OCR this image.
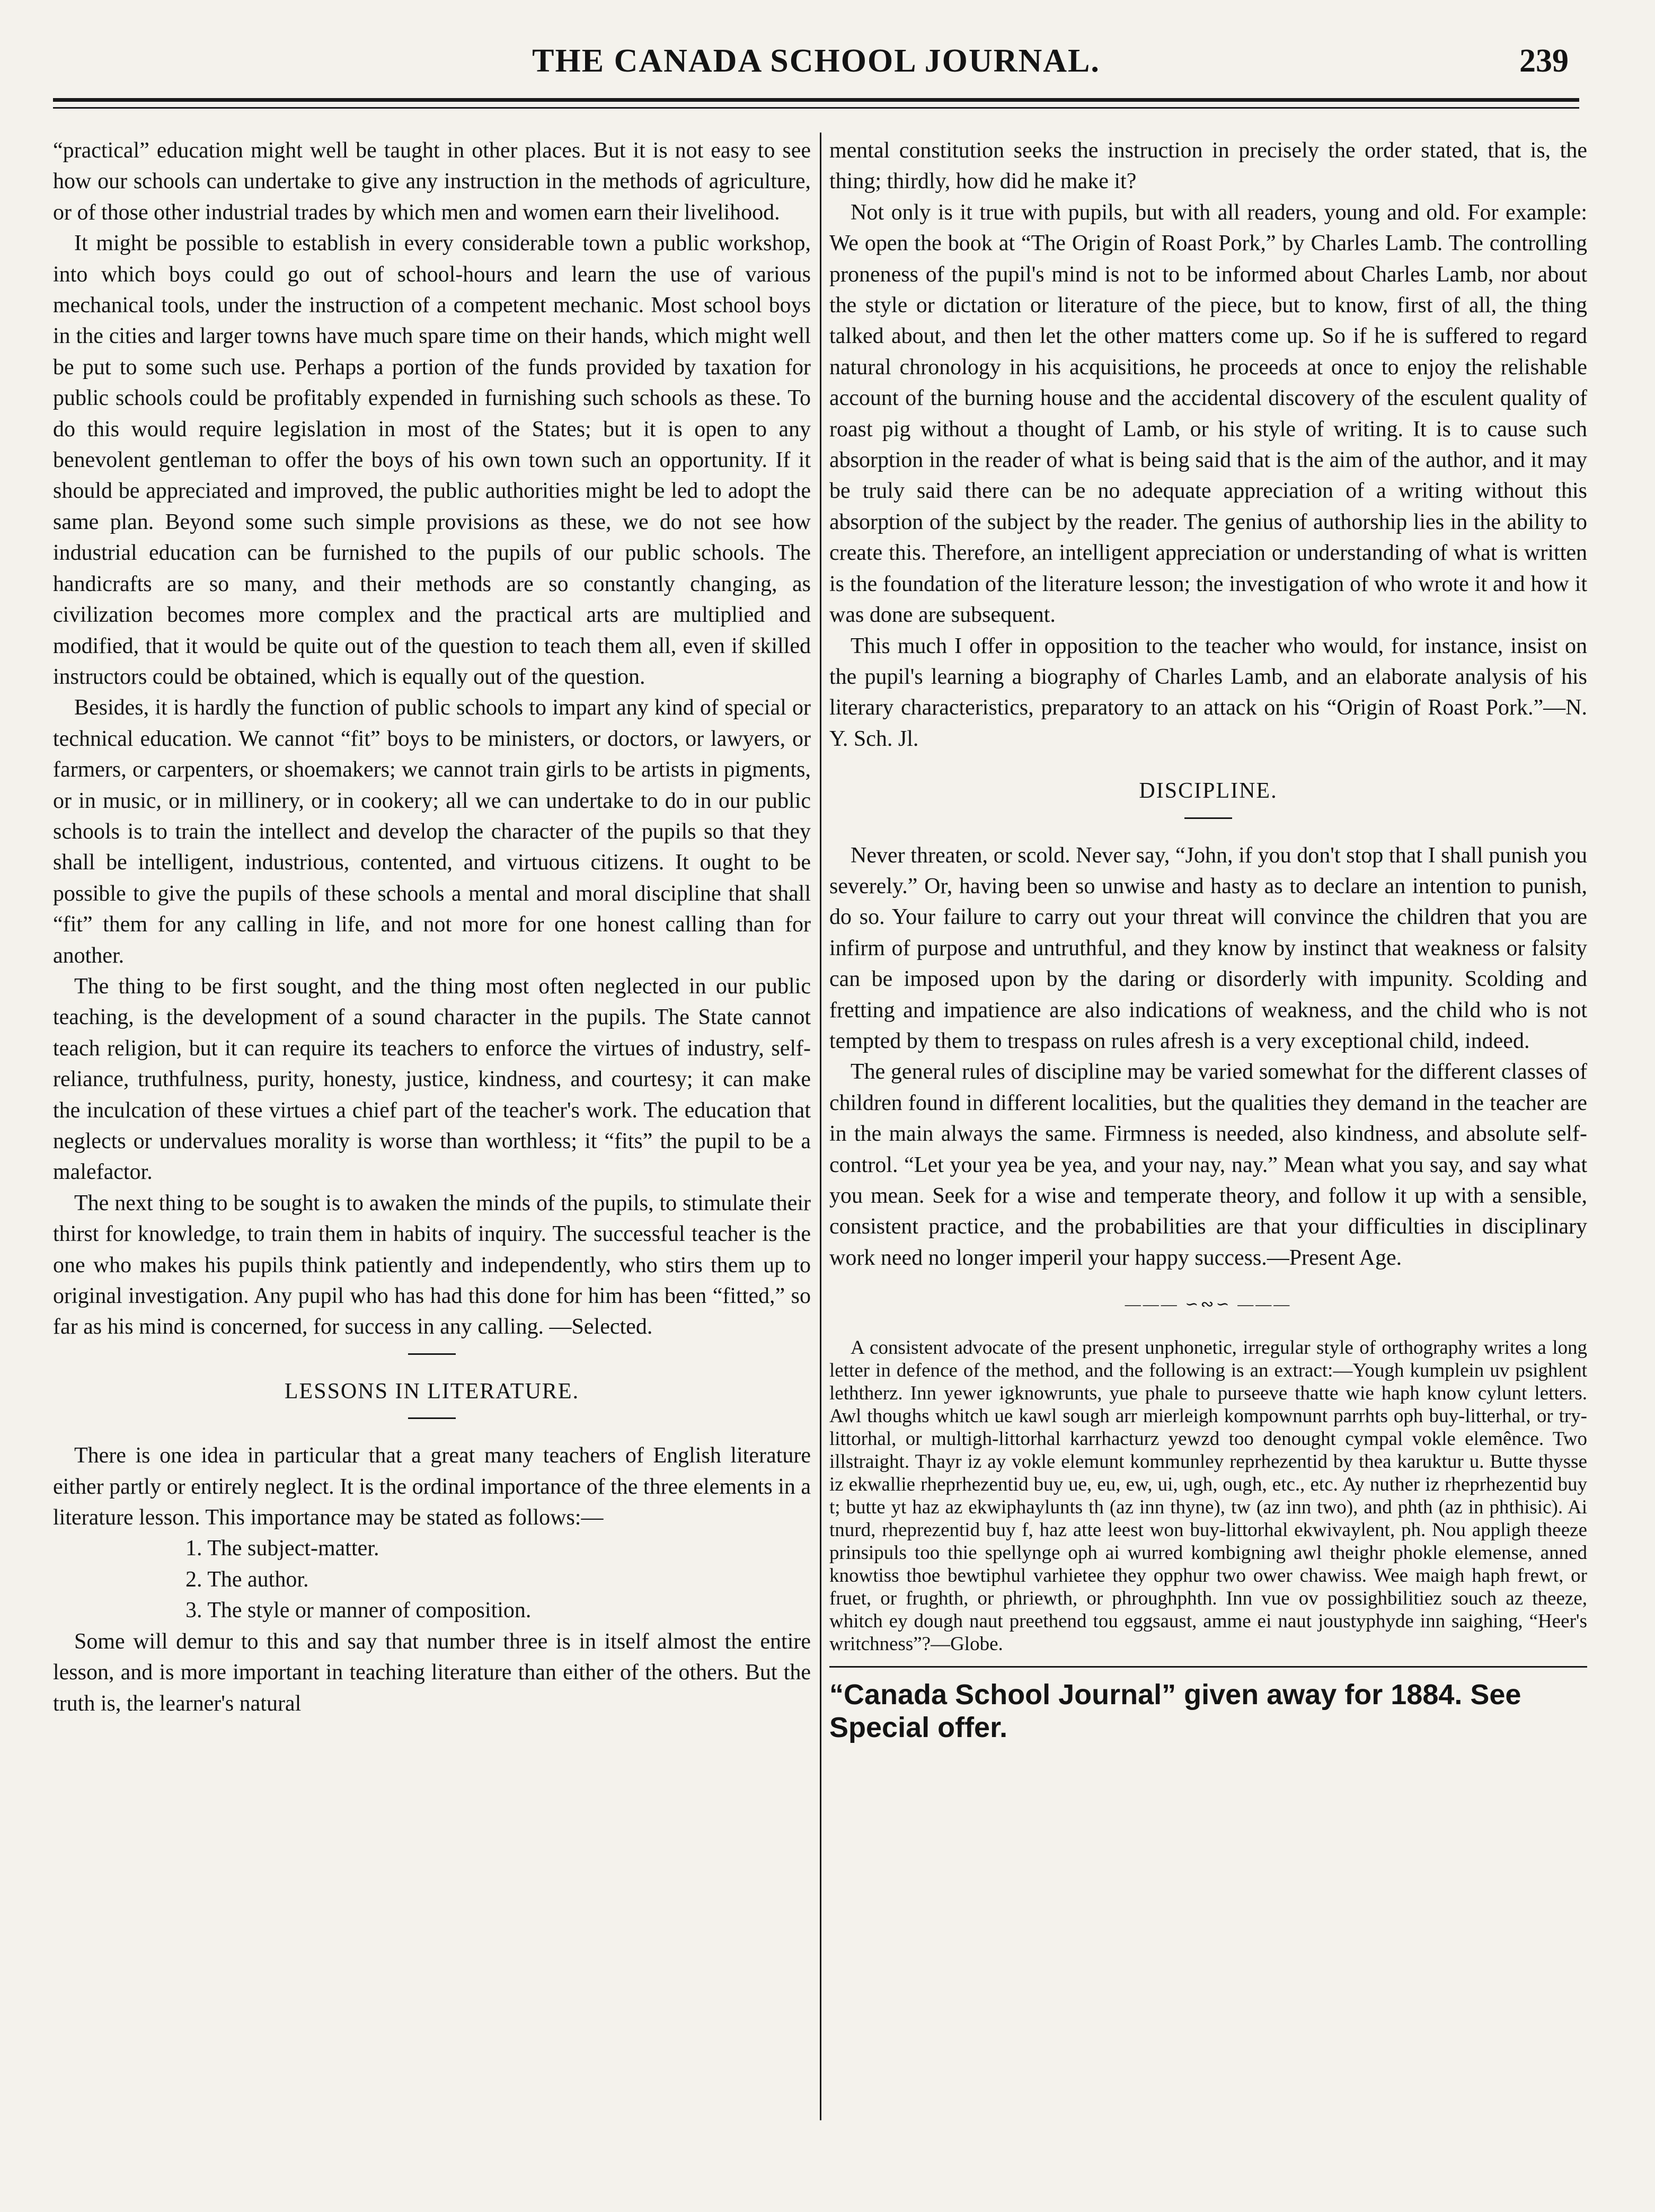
THE CANADA SCHOOL JOURNAL.	239

“practical” education might well be taught in other places. But it is not easy to see how our schools can undertake to give any instruction in the methods of agriculture, or of those other industrial trades by which men and women earn their livelihood.

It might be possible to establish in every considerable town a public workshop, into which boys could go out of school-hours and learn the use of various mechanical tools, under the instruction of a competent mechanic. Most school boys in the cities and larger towns have much spare time on their hands, which might well be put to some such use. Perhaps a portion of the funds provided by taxation for public schools could be profitably expended in furnishing such schools as these. To do this would require legislation in most of the States; but it is open to any benevolent gentleman to offer the boys of his own town such an opportunity. If it should be appreciated and improved, the public authorities might be led to adopt the same plan. Beyond some such simple provisions as these, we do not see how industrial education can be furnished to the pupils of our public schools. The handicrafts are so many, and their methods are so constantly changing, as civilization becomes more complex and the practical arts are multiplied and modified, that it would be quite out of the question to teach them all, even if skilled instructors could be obtained, which is equally out of the question.

Besides, it is hardly the function of public schools to impart any kind of special or technical education. We cannot “fit” boys to be ministers, or doctors, or lawyers, or farmers, or carpenters, or shoemakers; we cannot train girls to be artists in pigments, or in music, or in millinery, or in cookery; all we can undertake to do in our public schools is to train the intellect and develop the character of the pupils so that they shall be intelligent, industrious, contented, and virtuous citizens. It ought to be possible to give the pupils of these schools a mental and moral discipline that shall “fit” them for any calling in life, and not more for one honest calling than for another.

The thing to be first sought, and the thing most often neglected in our public teaching, is the development of a sound character in the pupils. The State cannot teach religion, but it can require its teachers to enforce the virtues of industry, self-reliance, truthfulness, purity, honesty, justice, kindness, and courtesy; it can make the inculcation of these virtues a chief part of the teacher's work. The education that neglects or undervalues morality is worse than worthless; it “fits” the pupil to be a malefactor.

The next thing to be sought is to awaken the minds of the pupils, to stimulate their thirst for knowledge, to train them in habits of inquiry. The successful teacher is the one who makes his pupils think patiently and independently, who stirs them up to original investigation. Any pupil who has had this done for him has been “fitted,” so far as his mind is concerned, for success in any calling. —Selected.

LESSONS IN LITERATURE.

There is one idea in particular that a great many teachers of English literature either partly or entirely neglect. It is the ordinal importance of the three elements in a literature lesson. This importance may be stated as follows:—

1. The subject-matter.
2. The author.
3. The style or manner of composition.

Some will demur to this and say that number three is in itself almost the entire lesson, and is more important in teaching literature than either of the others. But the truth is, the learner's natural

mental constitution seeks the instruction in precisely the order stated, that is, the thing; thirdly, how did he make it?

Not only is it true with pupils, but with all readers, young and old. For example: We open the book at “The Origin of Roast Pork,” by Charles Lamb. The controlling proneness of the pupil's mind is not to be informed about Charles Lamb, nor about the style or dictation or literature of the piece, but to know, first of all, the thing talked about, and then let the other matters come up. So if he is suffered to regard natural chronology in his acquisitions, he proceeds at once to enjoy the relishable account of the burning house and the accidental discovery of the esculent quality of roast pig without a thought of Lamb, or his style of writing. It is to cause such absorption in the reader of what is being said that is the aim of the author, and it may be truly said there can be no adequate appreciation of a writing without this absorption of the subject by the reader. The genius of authorship lies in the ability to create this. Therefore, an intelligent appreciation or understanding of what is written is the foundation of the literature lesson; the investigation of who wrote it and how it was done are subsequent.

This much I offer in opposition to the teacher who would, for instance, insist on the pupil's learning a biography of Charles Lamb, and an elaborate analysis of his literary characteristics, preparatory to an attack on his “Origin of Roast Pork.”—N. Y. Sch. Jl.

DISCIPLINE.

Never threaten, or scold. Never say, “John, if you don't stop that I shall punish you severely.” Or, having been so unwise and hasty as to declare an intention to punish, do so. Your failure to carry out your threat will convince the children that you are infirm of purpose and untruthful, and they know by instinct that weakness or falsity can be imposed upon by the daring or disorderly with impunity. Scolding and fretting and impatience are also indications of weakness, and the child who is not tempted by them to trespass on rules afresh is a very exceptional child, indeed.

The general rules of discipline may be varied somewhat for the different classes of children found in different localities, but the qualities they demand in the teacher are in the main always the same. Firmness is needed, also kindness, and absolute self-control. “Let your yea be yea, and your nay, nay.” Mean what you say, and say what you mean. Seek for a wise and temperate theory, and follow it up with a sensible, consistent practice, and the probabilities are that your difficulties in disciplinary work need no longer imperil your happy success.—Present Age.

——— ∽∾∽ ———

A consistent advocate of the present unphonetic, irregular style of orthography writes a long letter in defence of the method, and the following is an extract:—Yough kumplein uv psighlent leththerz. Inn yewer igknowrunts, yue phale to purseeve thatte wie haph know cylunt letters. Awl thoughs whitch ue kawl sough arr mierleigh kompownunt parrhts oph buy-litterhal, or try-littorhal, or multigh-littorhal karrhacturz yewzd too denought cympal vokle elemênce. Two illstraight. Thayr iz ay vokle elemunt kommunley reprhezentid by thea karuktur u. Butte thysse iz ekwallie rheprhezentid buy ue, eu, ew, ui, ugh, ough, etc., etc. Ay nuther iz rheprhezentid buy t; butte yt haz az ekwiphaylunts th (az inn thyne), tw (az inn two), and phth (az in phthisic). Ai tnurd, rheprezentid buy f, haz atte leest won buy-littorhal ekwivaylent, ph. Nou appligh theeze prinsipuls too thie spellynge oph ai wurred kombigning awl theighr phokle elemense, anned knowtiss thoe bewtiphul varhietee they opphur two ower chawiss. Wee maigh haph frewt, or fruet, or frughth, or phriewth, or phroughphth. Inn vue ov possighbilitiez souch az theeze, whitch ey dough naut preethend tou eggsaust, amme ei naut joustyphyde inn saighing, “Heer's writchness”?—Globe.

“Canada School Journal” given away for 1884. See Special offer.
